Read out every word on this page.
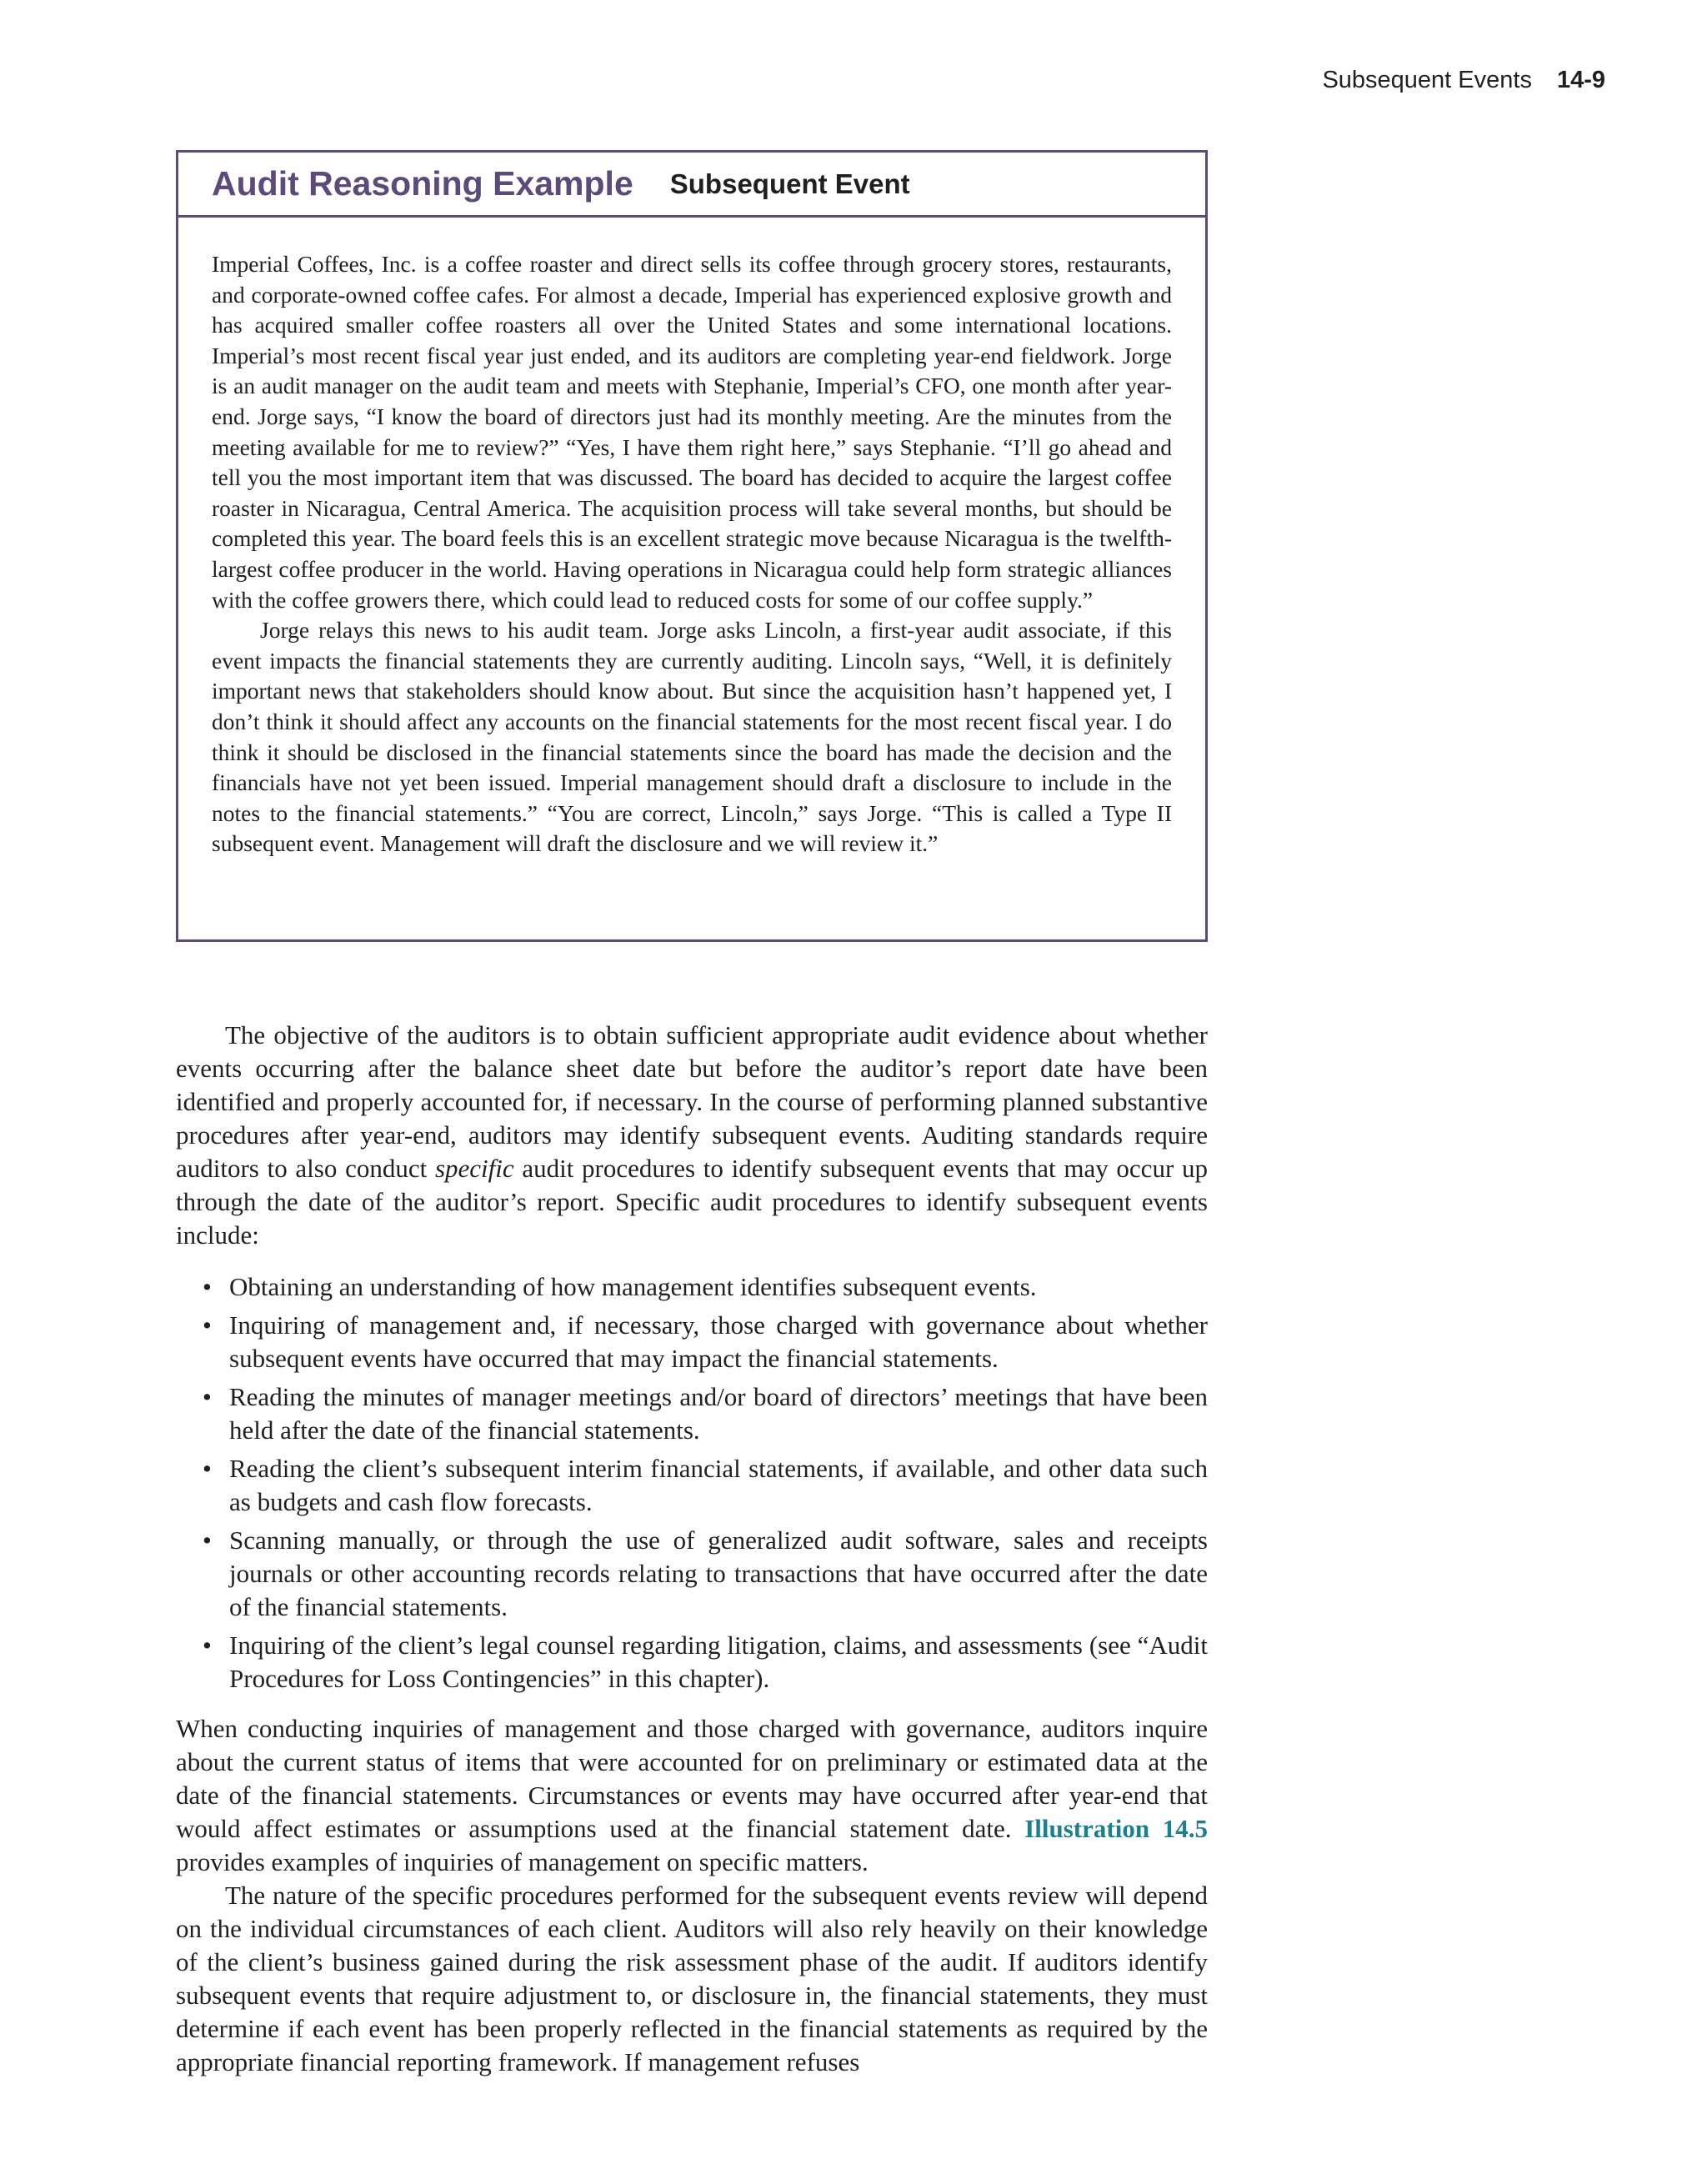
Subsequent Events 14-9
Audit Reasoning Example Subsequent Event

Imperial Coffees, Inc. is a coffee roaster and direct sells its coffee through grocery stores, restaurants, and corporate-owned coffee cafes. For almost a decade, Imperial has experienced explosive growth and has acquired smaller coffee roasters all over the United States and some international locations. Imperial’s most recent fiscal year just ended, and its auditors are completing year-end fieldwork. Jorge is an audit manager on the audit team and meets with Stephanie, Imperial’s CFO, one month after year-end. Jorge says, “I know the board of directors just had its monthly meeting. Are the minutes from the meeting available for me to review?” “Yes, I have them right here,” says Stephanie. “I’ll go ahead and tell you the most important item that was discussed. The board has decided to acquire the largest coffee roaster in Nicaragua, Central America. The acquisition process will take several months, but should be completed this year. The board feels this is an excellent strategic move because Nicaragua is the twelfth-largest coffee producer in the world. Having operations in Nicaragua could help form strategic alliances with the coffee growers there, which could lead to reduced costs for some of our coffee supply.”

Jorge relays this news to his audit team. Jorge asks Lincoln, a first-year audit associate, if this event impacts the financial statements they are currently auditing. Lincoln says, “Well, it is definitely important news that stakeholders should know about. But since the acquisition hasn’t happened yet, I don’t think it should affect any accounts on the financial statements for the most recent fiscal year. I do think it should be disclosed in the financial statements since the board has made the decision and the financials have not yet been issued. Imperial management should draft a disclosure to include in the notes to the financial statements.” “You are correct, Lincoln,” says Jorge. “This is called a Type II subsequent event. Management will draft the disclosure and we will review it.”

The objective of the auditors is to obtain sufficient appropriate audit evidence about whether events occurring after the balance sheet date but before the auditor’s report date have been identified and properly accounted for, if necessary. In the course of performing planned substantive procedures after year-end, auditors may identify subsequent events. Auditing standards require auditors to also conduct specific audit procedures to identify subsequent events that may occur up through the date of the auditor’s report. Specific audit procedures to identify subsequent events include:

• Obtaining an understanding of how management identifies subsequent events.
• Inquiring of management and, if necessary, those charged with governance about whether subsequent events have occurred that may impact the financial statements.
• Reading the minutes of manager meetings and/or board of directors’ meetings that have been held after the date of the financial statements.
• Reading the client’s subsequent interim financial statements, if available, and other data such as budgets and cash flow forecasts.
• Scanning manually, or through the use of generalized audit software, sales and receipts journals or other accounting records relating to transactions that have occurred after the date of the financial statements.
• Inquiring of the client’s legal counsel regarding litigation, claims, and assessments (see “Audit Procedures for Loss Contingencies” in this chapter).

When conducting inquiries of management and those charged with governance, auditors inquire about the current status of items that were accounted for on preliminary or estimated data at the date of the financial statements. Circumstances or events may have occurred after year-end that would affect estimates or assumptions used at the financial statement date. Illustration 14.5 provides examples of inquiries of management on specific matters.

The nature of the specific procedures performed for the subsequent events review will depend on the individual circumstances of each client. Auditors will also rely heavily on their knowledge of the client’s business gained during the risk assessment phase of the audit. If auditors identify subsequent events that require adjustment to, or disclosure in, the financial statements, they must determine if each event has been properly reflected in the financial statements as required by the appropriate financial reporting framework. If management refuses
